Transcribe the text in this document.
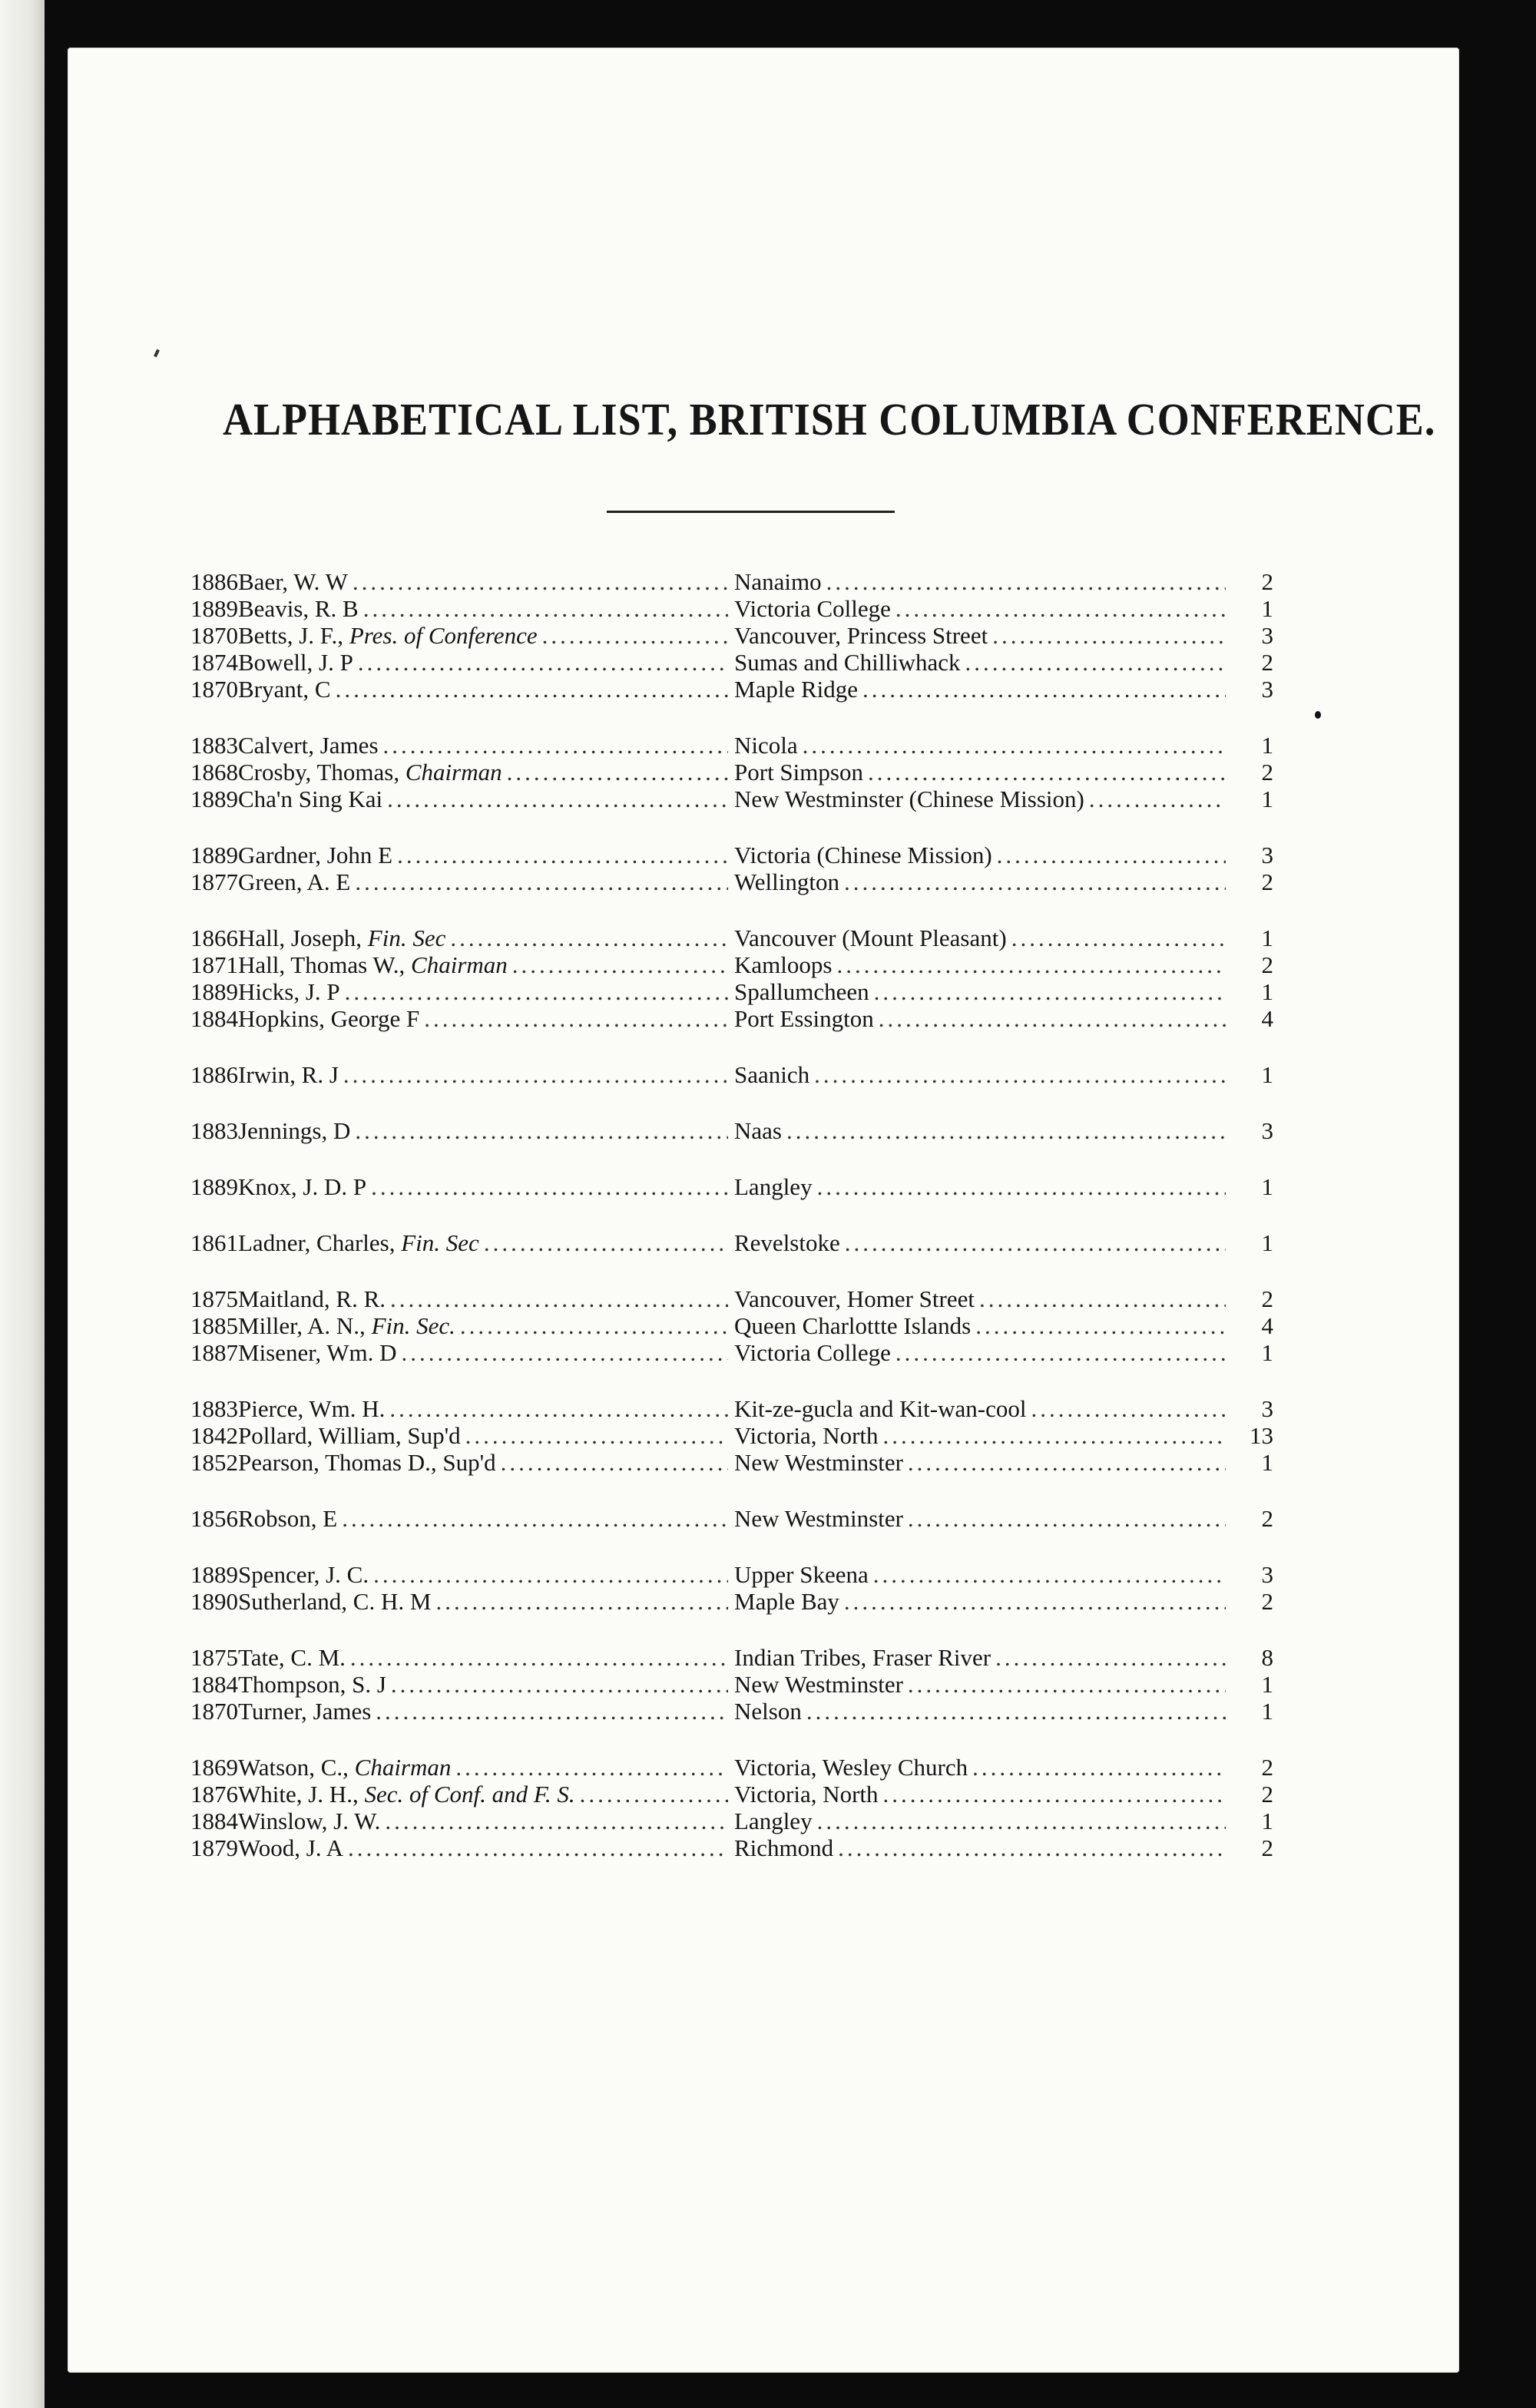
ALPHABETICAL LIST, BRITISH COLUMBIA CONFERENCE.
1886 Baer, W. W .....	Nanaimo .....	2
1889 Beavis, R. B .....	Victoria College .....	1
1870 Betts, J. F.,
Pres. of Conference .....	Vancouver, Princess Street .....	3
1874 Bowell, J. P .....	Sumas and Chilliwhack .....	2
1870 Bryant, C .....	Maple Ridge .....	3
1883 Calvert, James .....	Nicola .....	1
1868 Crosby, Thomas,
Chairman .....	Port Simpson .....	2
1889 Cha'n Sing Kai .....	New Westminster (Chinese Mission) .....	1
1889 Gardner, John E .....	Victoria (Chinese Mission) .....	3
1877 Green, A. E .....	Wellington .....	2
1866 Hall, Joseph,
Fin. Sec .....	Vancouver (Mount Pleasant) .....	1
1871 Hall, Thomas W.,
Chairman .....	Kamloops .....	2
1889 Hicks, J. P .....	Spallumcheen .....	1
1884 Hopkins, George F .....	Port Essington .....	4
1886 Irwin, R. J .....	Saanich .....	1
1883 Jennings, D .....	Naas .....	3
1889 Knox, J. D. P .....	Langley .....	1
1861 Ladner, Charles,
Fin. Sec .....	Revelstoke .....	1
1875 Maitland, R. R. .....	Vancouver, Homer Street .....	2
1885 Miller, A. N.,
Fin. Sec. .....	Queen Charlottte Islands .....	4
1887 Misener, Wm. D .....	Victoria College .....	1
1883 Pierce, Wm. H. .....	Kit-ze-gucla and Kit-wan-cool .....	3
1842 Pollard, William, Sup'd .....	Victoria, North .....	13
1852 Pearson, Thomas D., Sup'd .....	New Westminster .....	1
1856 Robson, E .....	New Westminster .....	2
1889 Spencer, J. C. .....	Upper Skeena .....	3
1890 Sutherland, C. H. M .....	Maple Bay .....	2
1875 Tate, C. M. .....	Indian Tribes, Fraser River .....	8
1884 Thompson, S. J .....	New Westminster .....	1
1870 Turner, James .....	Nelson .....	1
1869 Watson, C.,
Chairman .....	Victoria, Wesley Church .....	2
1876 White, J. H.,
Sec. of Conf. and F. S. .....	Victoria, North .....	2
1884 Winslow, J. W. .....	Langley .....	1
1879 Wood, J. A .....	Richmond .....	2
